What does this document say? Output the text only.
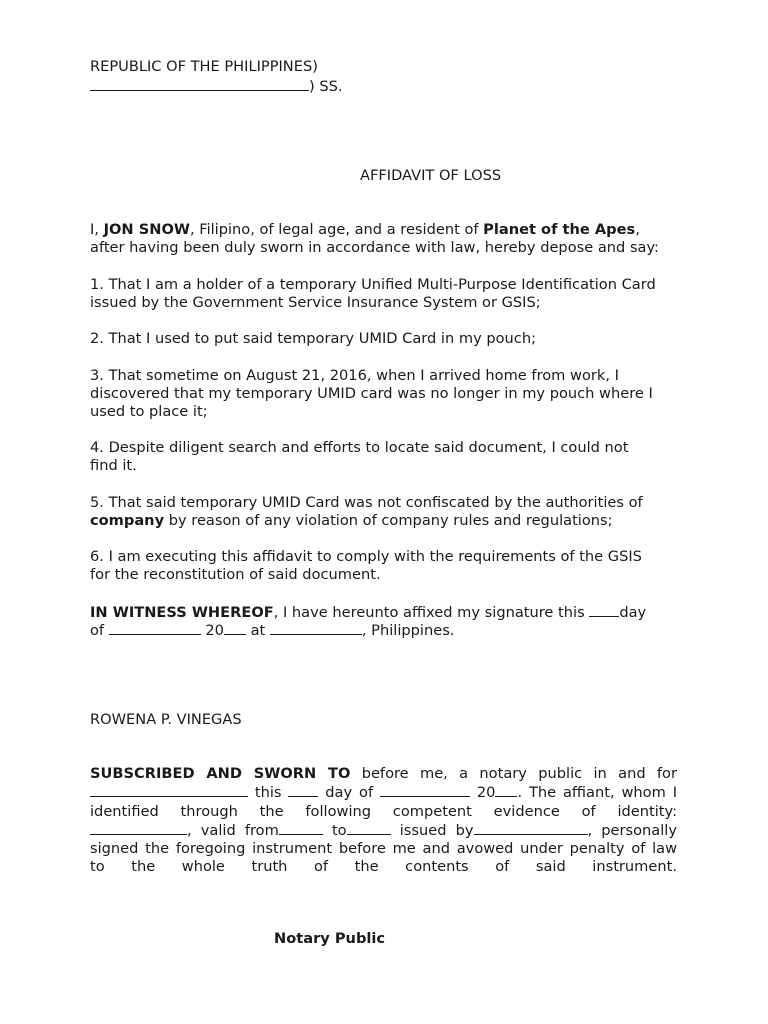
REPUBLIC OF THE PHILIPPINES)
) SS.
AFFIDAVIT OF LOSS
I, JON SNOW, Filipino, of legal age, and a resident of Planet of the Apes,
after having been duly sworn in accordance with law, hereby depose and say:
1. That I am a holder of a temporary Unified Multi-Purpose Identification Card
issued by the Government Service Insurance System or GSIS;
2. That I used to put said temporary UMID Card in my pouch;
3. That sometime on August 21, 2016, when I arrived home from work, I
discovered that my temporary UMID card was no longer in my pouch where I
used to place it;
4. Despite diligent search and efforts to locate said document, I could not
find it.
5. That said temporary UMID Card was not confiscated by the authorities of
company by reason of any violation of company rules and regulations;
6. I am executing this affidavit to comply with the requirements of the GSIS
for the reconstitution of said document.
IN WITNESS WHEREOF, I have hereunto affixed my signature this day
of	20 at	, Philippines.
ROWENA P. VINEGAS
SUBSCRIBED AND SWORN TO before me, a notary public in and for
this  day of	20 . The affiant, whom I
identified through the following competent evidence of identity:
, valid from	to	issued by	, personally
signed the foregoing instrument before me and avowed under penalty of law
to the whole truth of the contents of said instrument.
Notary Public
